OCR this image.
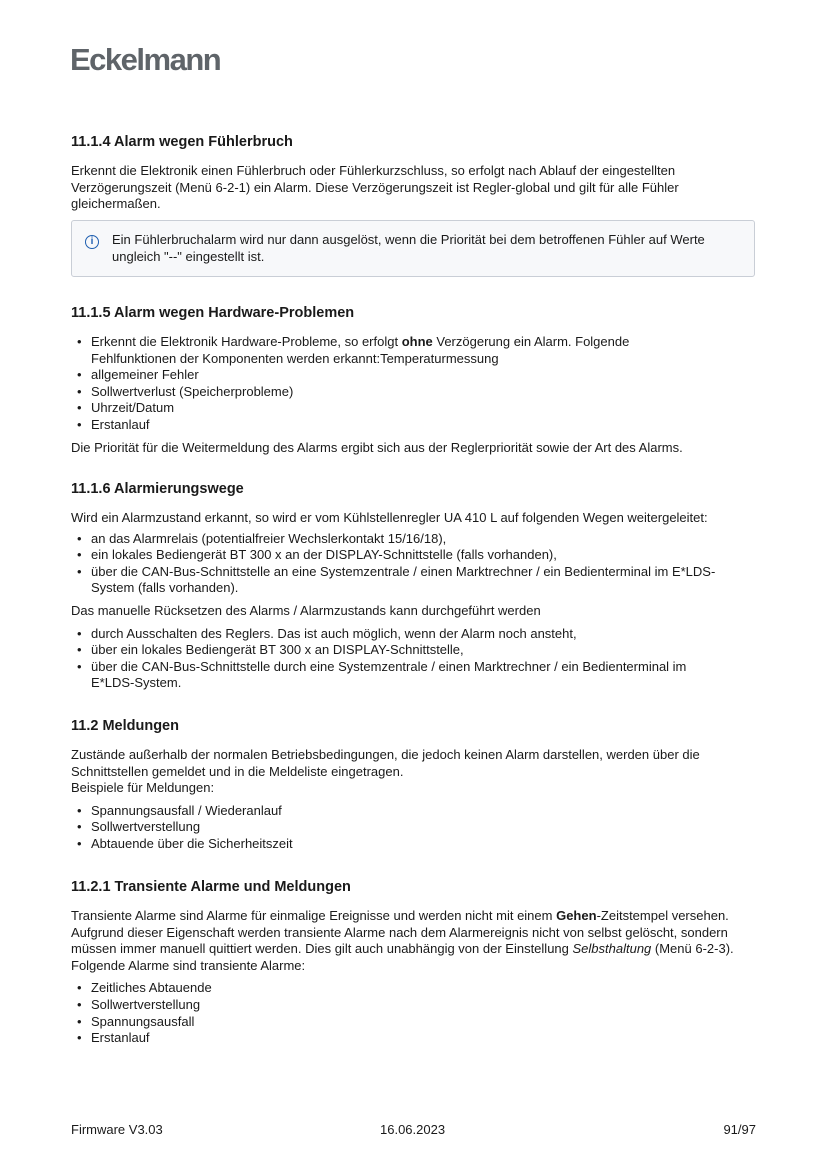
Eckelmann
11.1.4 Alarm wegen Fühlerbruch

Erkennt die Elektronik einen Fühlerbruch oder Fühlerkurzschluss, so erfolgt nach Ablauf der eingestellten Verzögerungszeit (Menü 6-2-1) ein Alarm. Diese Verzögerungszeit ist Regler-global und gilt für alle Fühler gleichermaßen.

i	Ein Fühlerbruchalarm wird nur dann ausgelöst, wenn die Priorität bei dem betroffenen Fühler auf Werte ungleich "--" eingestellt ist.
11.1.5 Alarm wegen Hardware-Problemen
• Erkennt die Elektronik Hardware-Probleme, so erfolgt ohne Verzögerung ein Alarm. Folgende Fehlfunktionen der Komponenten werden erkannt:Temperaturmessung
• allgemeiner Fehler
• Sollwertverlust (Speicherprobleme)
• Uhrzeit/Datum
• Erstanlauf

Die Priorität für die Weitermeldung des Alarms ergibt sich aus der Reglerpriorität sowie der Art des Alarms.

11.1.6 Alarmierungswege

Wird ein Alarmzustand erkannt, so wird er vom Kühlstellenregler UA 410 L auf folgenden Wegen weitergeleitet:

• an das Alarmrelais (potentialfreier Wechslerkontakt 15/16/18),
• ein lokales Bediengerät BT 300 x an der DISPLAY-Schnittstelle (falls vorhanden),
• über die CAN-Bus-Schnittstelle an eine Systemzentrale / einen Marktrechner / ein Bedienterminal im E*LDS-System (falls vorhanden).

Das manuelle Rücksetzen des Alarms / Alarmzustands kann durchgeführt werden

• durch Ausschalten des Reglers. Das ist auch möglich, wenn der Alarm noch ansteht,
• über ein lokales Bediengerät BT 300 x an DISPLAY-Schnittstelle,
• über die CAN-Bus-Schnittstelle durch eine Systemzentrale / einen Marktrechner / ein Bedienterminal im E*LDS-System.
11.2 Meldungen

Zustände außerhalb der normalen Betriebsbedingungen, die jedoch keinen Alarm darstellen, werden über die Schnittstellen gemeldet und in die Meldeliste eingetragen.

Beispiele für Meldungen:

• Spannungsausfall / Wiederanlauf
• Sollwertverstellung
• Abtauende über die Sicherheitszeit
11.2.1 Transiente Alarme und Meldungen

Transiente Alarme sind Alarme für einmalige Ereignisse und werden nicht mit einem Gehen-Zeitstempel versehen. Aufgrund dieser Eigenschaft werden transiente Alarme nach dem Alarmereignis nicht von selbst gelöscht, sondern müssen immer manuell quittiert werden. Dies gilt auch unabhängig von der Einstellung Selbsthaltung (Menü 6-2-3).

Folgende Alarme sind transiente Alarme:

• Zeitliches Abtauende
• Sollwertverstellung
• Spannungsausfall
• Erstanlauf
Firmware V3.03	16.06.2023	91/97
